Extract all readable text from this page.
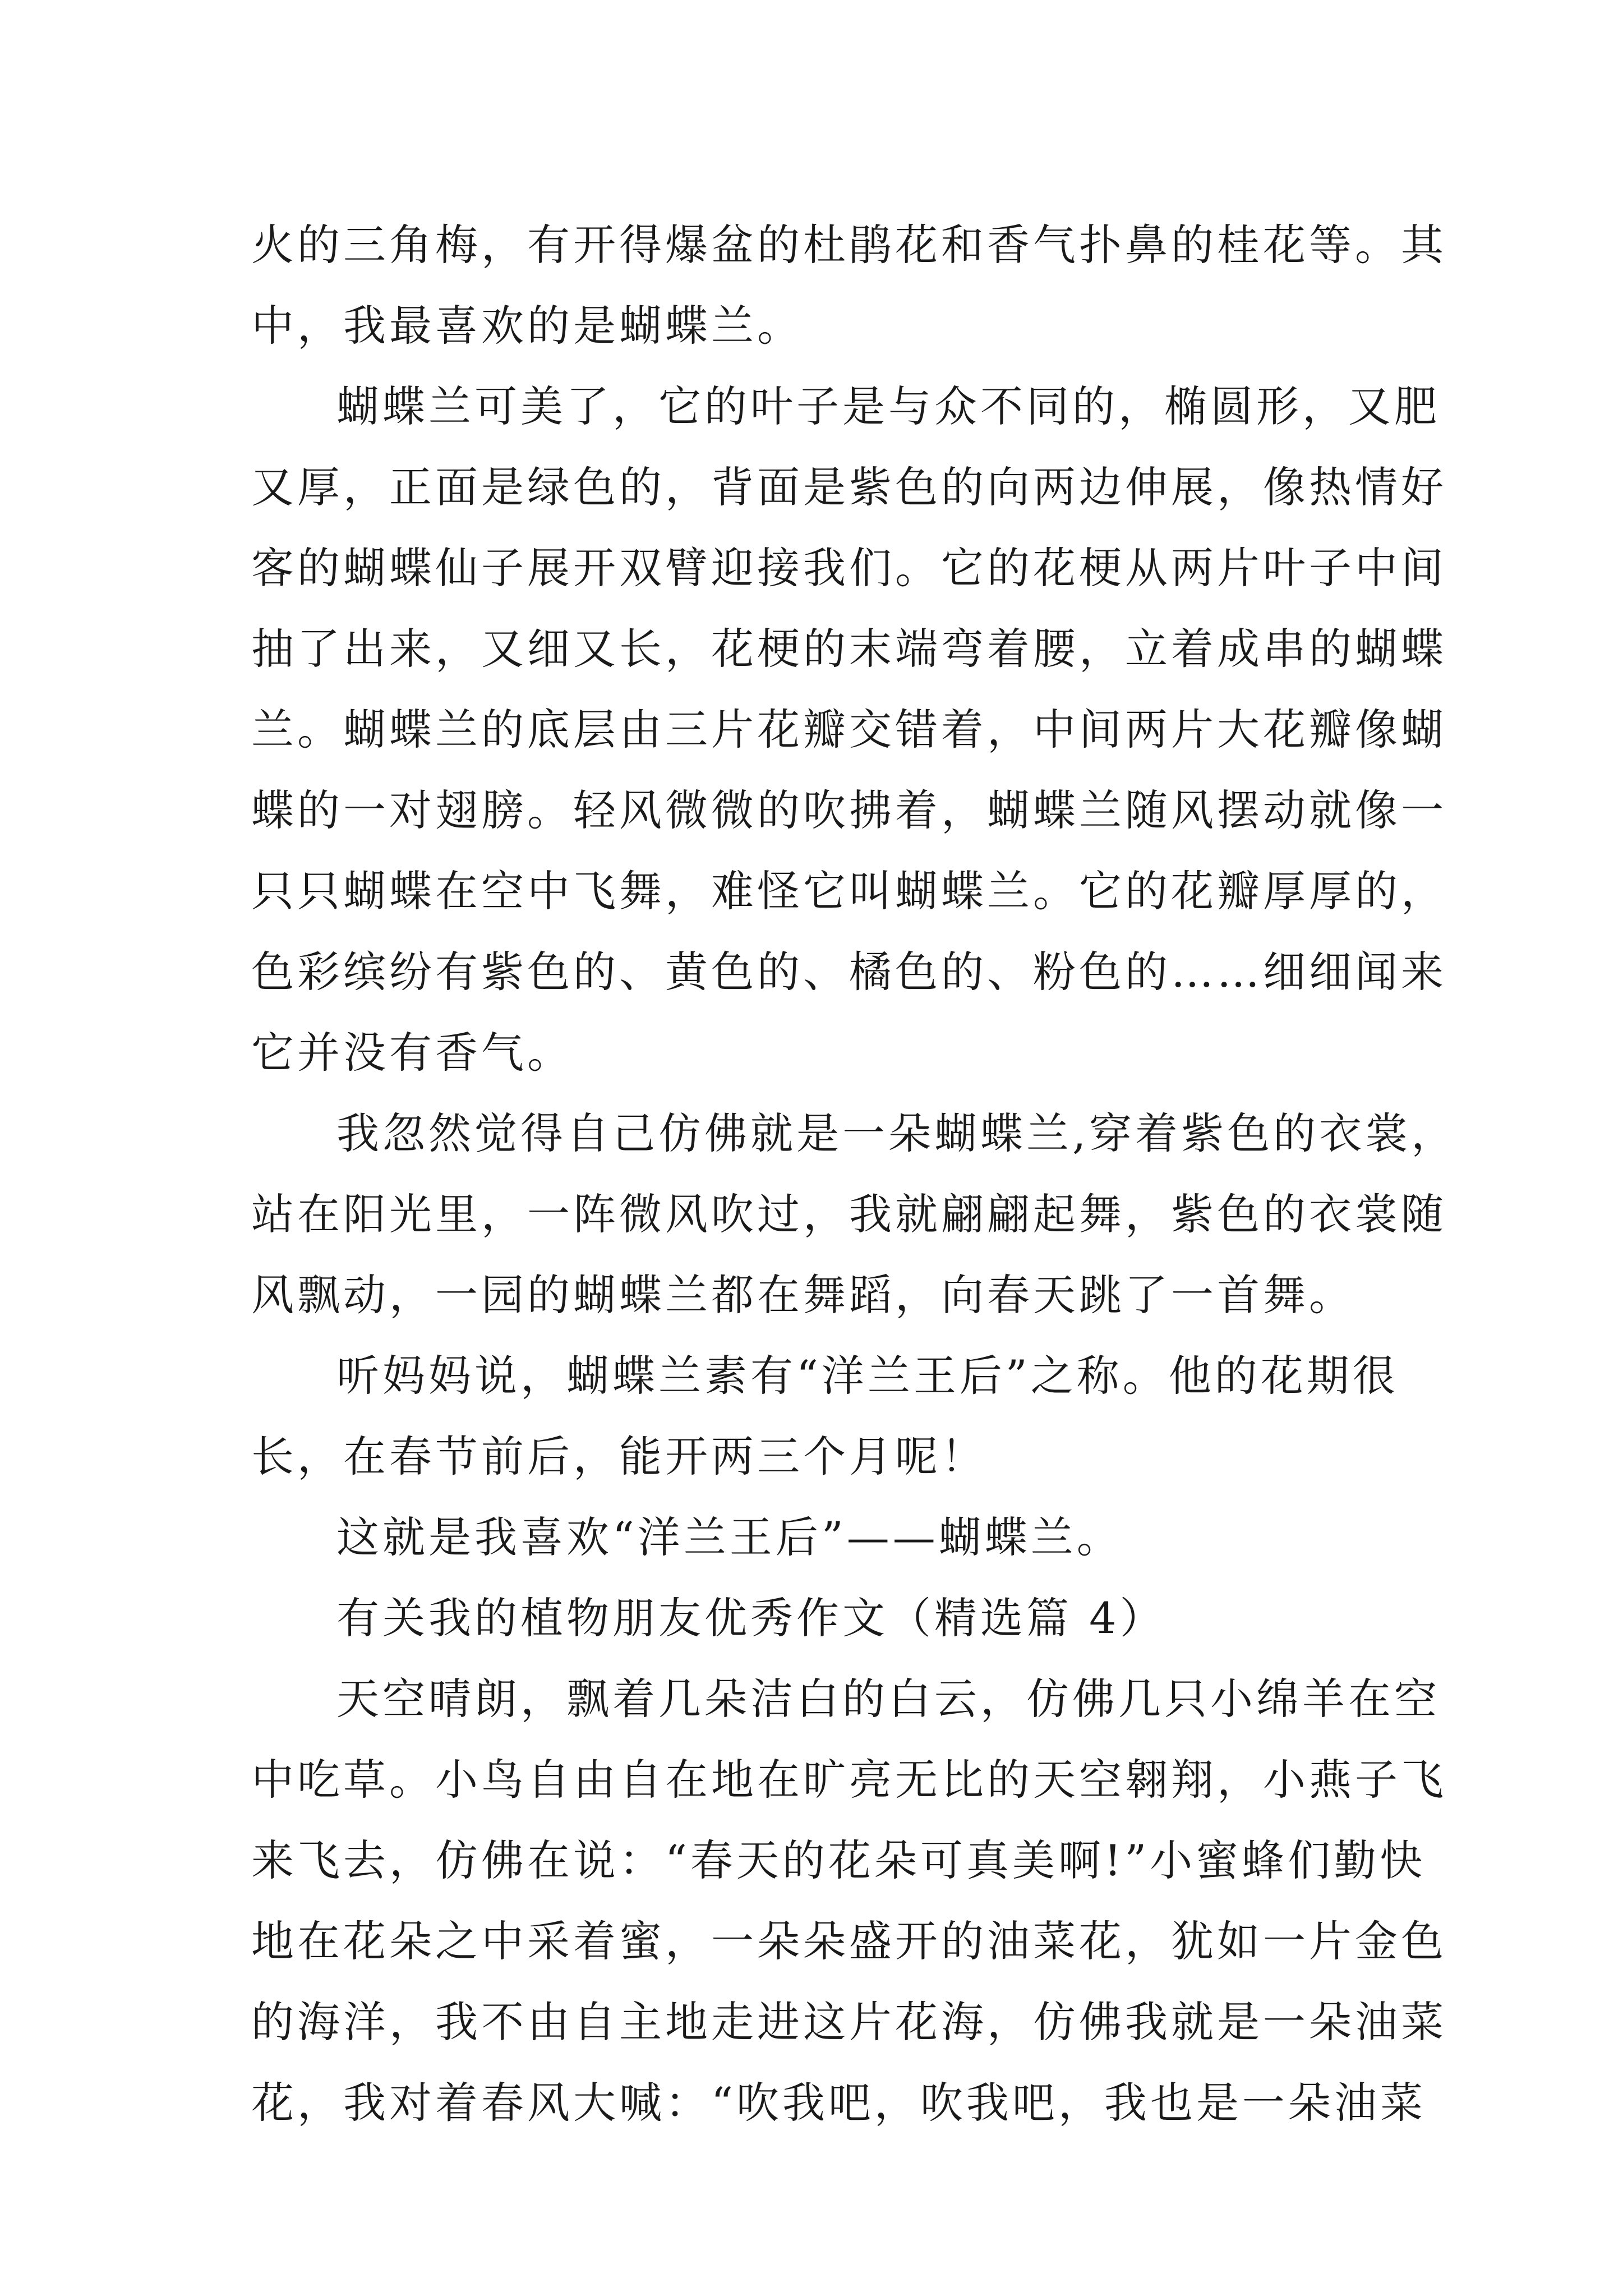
火的三角梅，有开得爆盆的杜鹃花和香气扑鼻的桂花等。其
中，我最喜欢的是蝴蝶兰。
蝴蝶兰可美了，它的叶子是与众不同的，椭圆形，又肥
又厚，正面是绿色的，背面是紫色的向两边伸展，像热情好
客的蝴蝶仙子展开双臂迎接我们。它的花梗从两片叶子中间
抽了出来，又细又长，花梗的末端弯着腰，立着成串的蝴蝶
兰。蝴蝶兰的底层由三片花瓣交错着，中间两片大花瓣像蝴
蝶的一对翅膀。轻风微微的吹拂着，蝴蝶兰随风摆动就像一
只只蝴蝶在空中飞舞，难怪它叫蝴蝶兰。它的花瓣厚厚的，
色彩缤纷有紫色的、黄色的、橘色的、粉色的……细细闻来
它并没有香气。
我忽然觉得自己仿佛就是一朵蝴蝶兰,穿着紫色的衣裳，
站在阳光里，一阵微风吹过，我就翩翩起舞，紫色的衣裳随
风飘动，一园的蝴蝶兰都在舞蹈，向春天跳了一首舞。
听妈妈说，蝴蝶兰素有“洋兰王后”之称。他的花期很
长，在春节前后，能开两三个月呢！
这就是我喜欢“洋兰王后”——蝴蝶兰。
有关我的植物朋友优秀作文（精选篇 4）
天空晴朗，飘着几朵洁白的白云，仿佛几只小绵羊在空
中吃草。小鸟自由自在地在旷亮无比的天空翱翔，小燕子飞
来飞去，仿佛在说：“春天的花朵可真美啊!”小蜜蜂们勤快
地在花朵之中采着蜜，一朵朵盛开的油菜花，犹如一片金色
的海洋，我不由自主地走进这片花海，仿佛我就是一朵油菜
花，我对着春风大喊：“吹我吧，吹我吧，我也是一朵油菜
